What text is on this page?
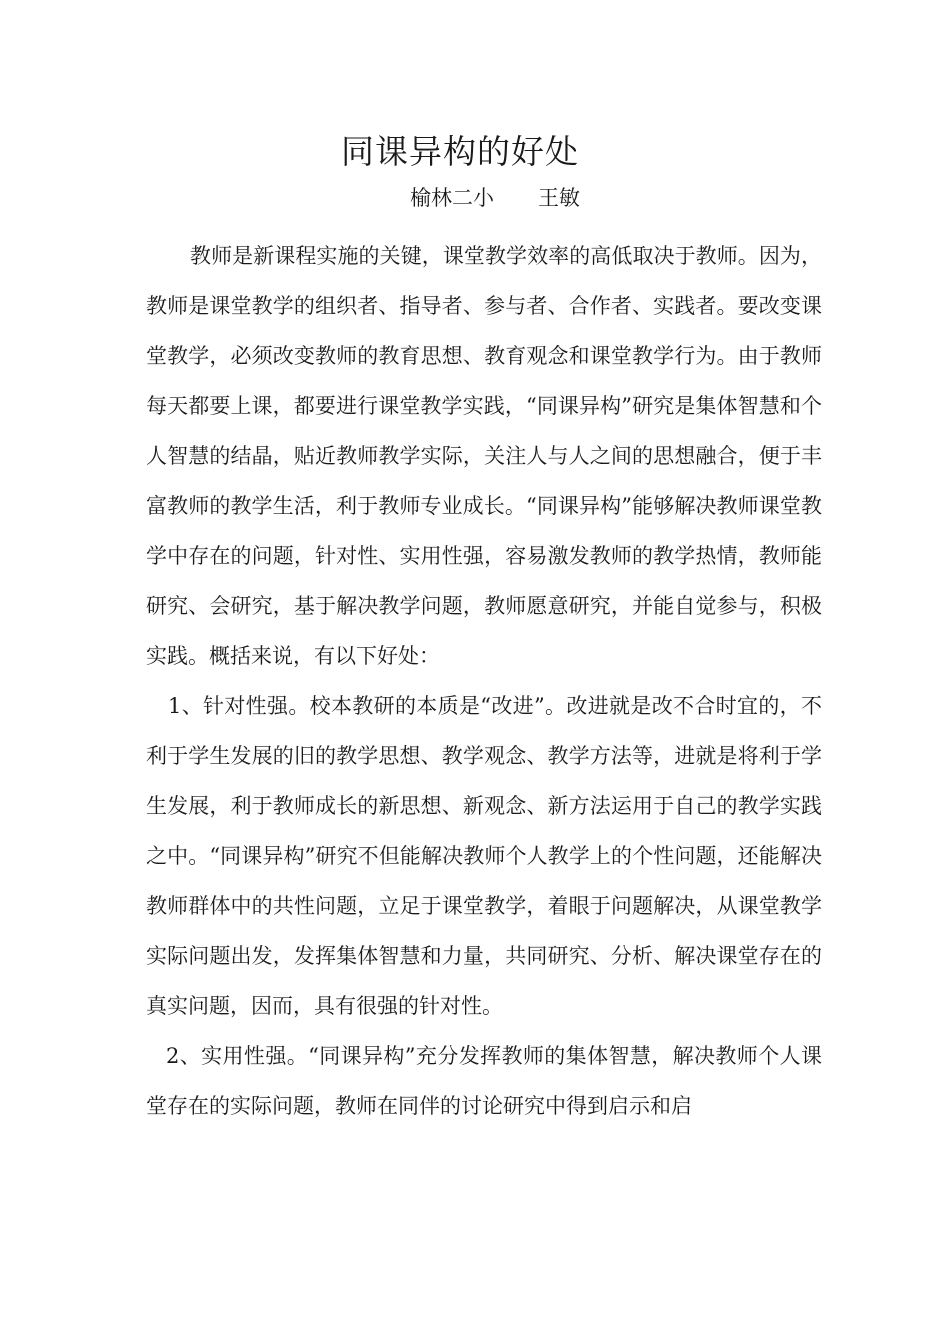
同课异构的好处
榆林二小 王敏

教师是新课程实施的关键，课堂教学效率的高低取决于教师。因为，教师是课堂教学的组织者、指导者、参与者、合作者、实践者。要改变课堂教学，必须改变教师的教育思想、教育观念和课堂教学行为。由于教师每天都要上课，都要进行课堂教学实践，“同课异构”研究是集体智慧和个人智慧的结晶，贴近教师教学实际，关注人与人之间的思想融合，便于丰富教师的教学生活，利于教师专业成长。“同课异构”能够解决教师课堂教学中存在的问题，针对性、实用性强，容易激发教师的教学热情，教师能研究、会研究，基于解决教学问题，教师愿意研究，并能自觉参与，积极实践。概括来说，有以下好处：

1、针对性强。校本教研的本质是“改进”。改进就是改不合时宜的，不利于学生发展的旧的教学思想、教学观念、教学方法等，进就是将利于学生发展，利于教师成长的新思想、新观念、新方法运用于自己的教学实践之中。“同课异构”研究不但能解决教师个人教学上的个性问题，还能解决教师群体中的共性问题，立足于课堂教学，着眼于问题解决，从课堂教学实际问题出发，发挥集体智慧和力量，共同研究、分析、解决课堂存在的真实问题，因而，具有很强的针对性。

2、实用性强。“同课异构”充分发挥教师的集体智慧，解决教师个人课堂存在的实际问题，教师在同伴的讨论研究中得到启示和启
